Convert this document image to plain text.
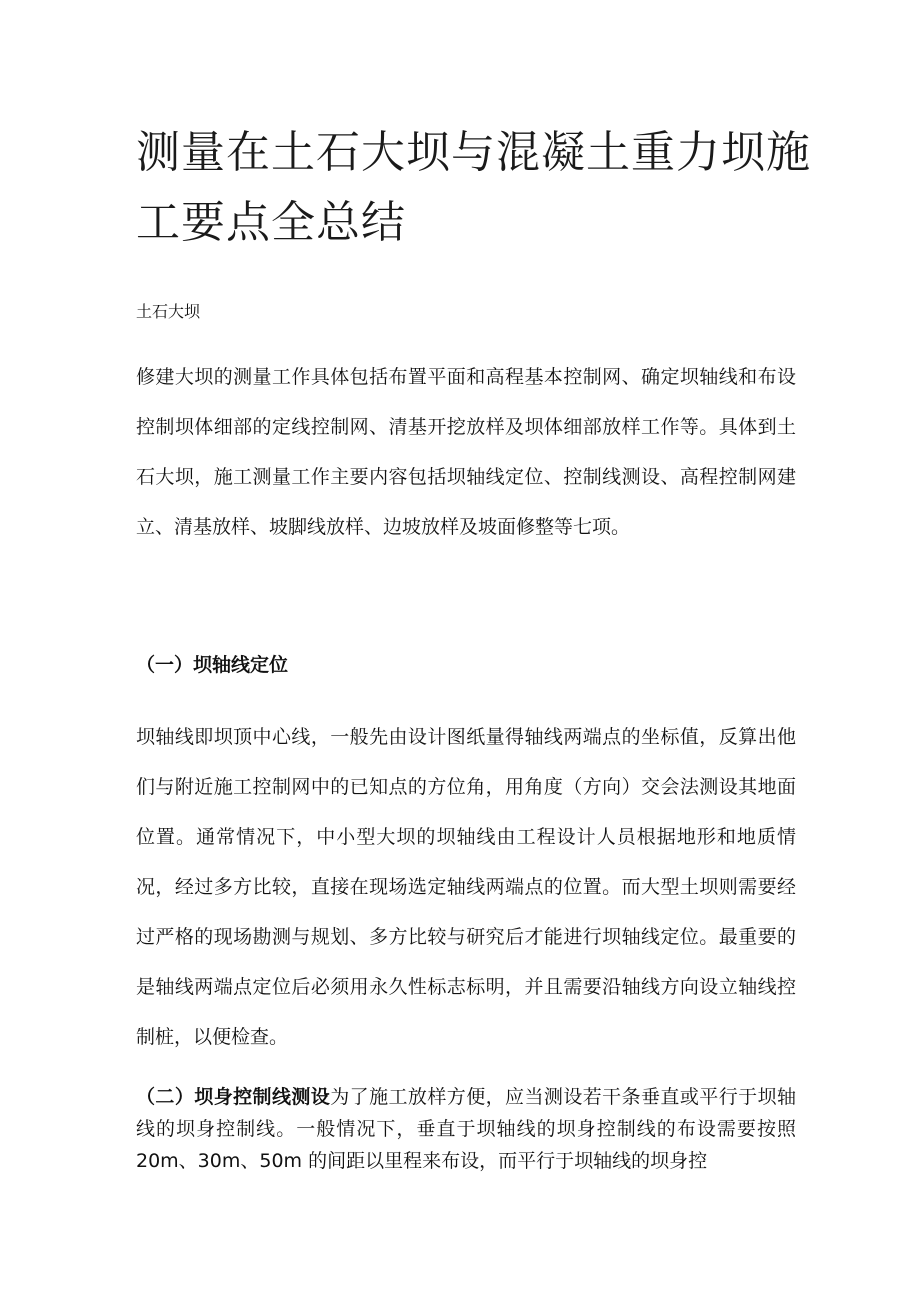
测量在土石大坝与混凝土重力坝施工要点全总结

土石大坝

修建大坝的测量工作具体包括布置平面和高程基本控制网、确定坝轴线和布设控制坝体细部的定线控制网、清基开挖放样及坝体细部放样工作等。具体到土石大坝，施工测量工作主要内容包括坝轴线定位、控制线测设、高程控制网建立、清基放样、坡脚线放样、边坡放样及坡面修整等七项。

（一）坝轴线定位

坝轴线即坝顶中心线，一般先由设计图纸量得轴线两端点的坐标值，反算出他们与附近施工控制网中的已知点的方位角，用角度（方向）交会法测设其地面位置。通常情况下，中小型大坝的坝轴线由工程设计人员根据地形和地质情况，经过多方比较，直接在现场选定轴线两端点的位置。而大型土坝则需要经过严格的现场勘测与规划、多方比较与研究后才能进行坝轴线定位。最重要的是轴线两端点定位后必须用永久性标志标明，并且需要沿轴线方向设立轴线控制桩，以便检查。

（二）坝身控制线测设为了施工放样方便，应当测设若干条垂直或平行于坝轴线的坝身控制线。一般情况下，垂直于坝轴线的坝身控制线的布设需要按照 20m、30m、50m 的间距以里程来布设，而平行于坝轴线的坝身控
